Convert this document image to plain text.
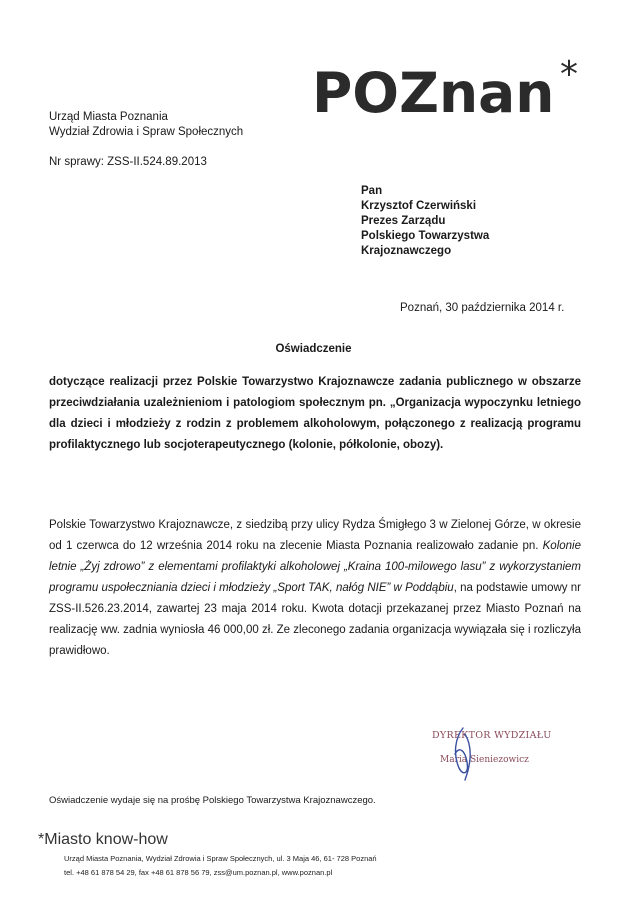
POZnan *
Urząd Miasta Poznania
Wydział Zdrowia i Spraw Społecznych
Nr sprawy: ZSS-II.524.89.2013
Pan
Krzysztof Czerwiński
Prezes Zarządu
Polskiego Towarzystwa
Krajoznawczego
Poznań, 30 października 2014 r.
Oświadczenie
dotyczące realizacji przez Polskie Towarzystwo Krajoznawcze zadania publicznego w obszarze przeciwdziałania uzależnieniom i patologiom społecznym pn. „Organizacja wypoczynku letniego dla dzieci i młodzieży z rodzin z problemem alkoholowym, połączonego z realizacją programu profilaktycznego lub socjoterapeutycznego (kolonie, półkolonie, obozy).
Polskie Towarzystwo Krajoznawcze, z siedzibą przy ulicy Rydza Śmigłego 3 w Zielonej Górze, w okresie od 1 czerwca do 12 września 2014 roku na zlecenie Miasta Poznania realizowało zadanie pn. Kolonie letnie „Żyj zdrowo” z elementami profilaktyki alkoholowej „Kraina 100-milowego lasu” z wykorzystaniem programu uspołeczniania dzieci i młodzieży „Sport TAK, nałóg NIE” w Poddąbiu, na podstawie umowy nr ZSS-II.526.23.2014, zawartej 23 maja 2014 roku. Kwota dotacji przekazanej przez Miasto Poznań na realizację ww. zadnia wyniosła 46 000,00 zł. Ze zleconego zadania organizacja wywiązała się i rozliczyła prawidłowo.
DYREKTOR WYDZIAŁU
Maria Sieniezowicz
Oświadczenie wydaje się na prośbę Polskiego Towarzystwa Krajoznawczego.
*Miasto know-how
Urząd Miasta Poznania, Wydział Zdrowia i Spraw Społecznych, ul. 3 Maja 46, 61- 728 Poznań
tel. +48 61 878 54 29, fax +48 61 878 56 79, zss@um.poznan.pl, www.poznan.pl
